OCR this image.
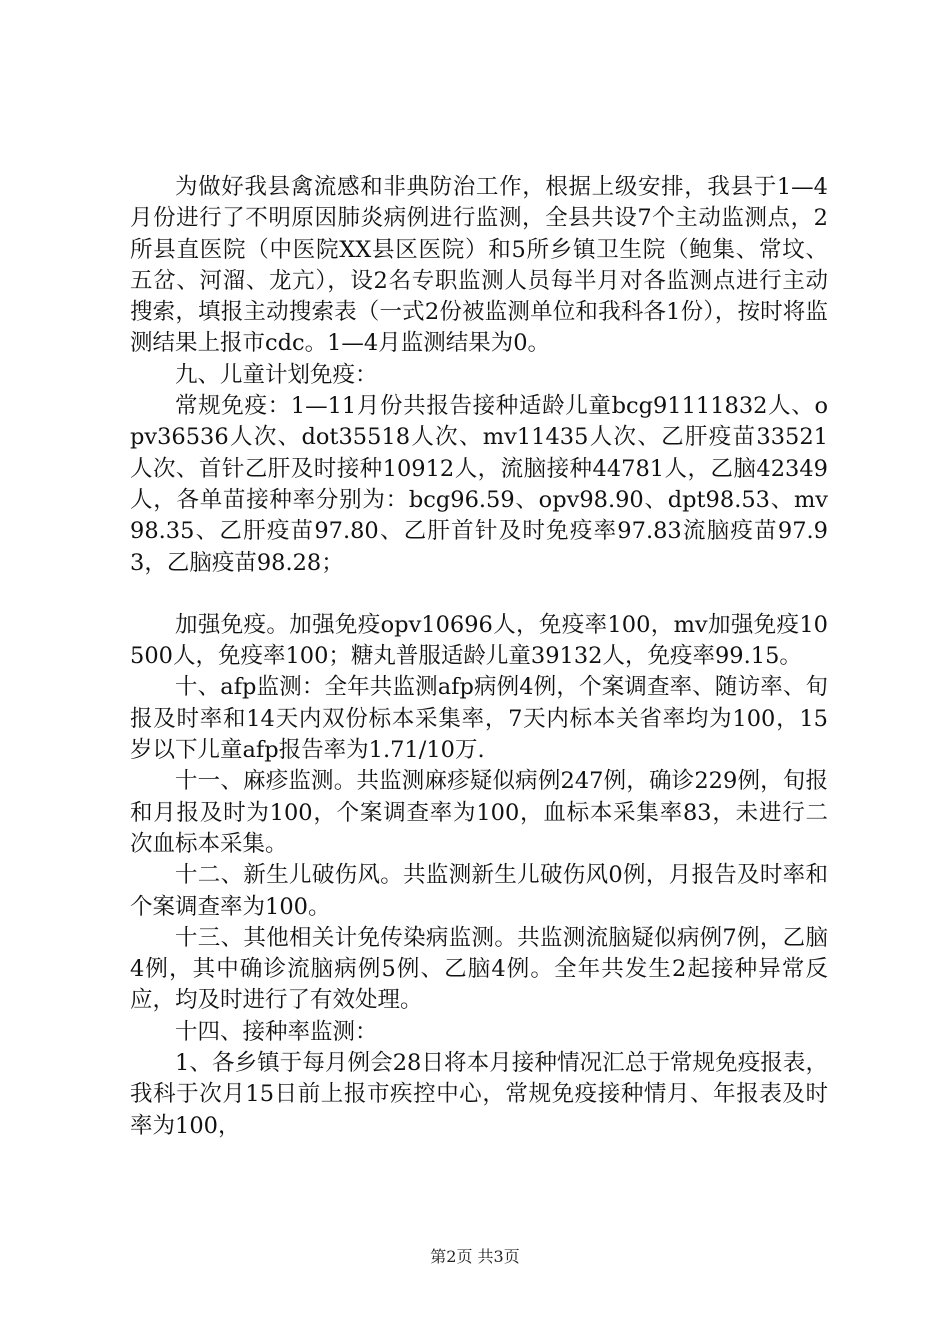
为做好我县禽流感和非典防治工作，根据上级安排，我县于1—4月份进行了不明原因肺炎病例进行监测，全县共设7个主动监测点，2所县直医院（中医院XX县区医院）和5所乡镇卫生院（鲍集、常坟、五岔、河溜、龙亢），设2名专职监测人员每半月对各监测点进行主动搜索，填报主动搜索表（一式2份被监测单位和我科各1份），按时将监测结果上报市cdc。1—4月监测结果为0。

九、儿童计划免疫：

常规免疫：1—11月份共报告接种适龄儿童bcg91111832人、opv36536人次、dot35518人次、mv11435人次、乙肝疫苗33521人次、首针乙肝及时接种10912人，流脑接种44781人，乙脑42349人，各单苗接种率分别为：bcg96.59、opv98.90、dpt98.53、mv98.35、乙肝疫苗97.80、乙肝首针及时免疫率97.83流脑疫苗97.93，乙脑疫苗98.28；

加强免疫。加强免疫opv10696人，免疫率100，mv加强免疫10500人，免疫率100；糖丸普服适龄儿童39132人，免疫率99.15。

十、afp监测：全年共监测afp病例4例，个案调查率、随访率、旬报及时率和14天内双份标本采集率，7天内标本关省率均为100，15岁以下儿童afp报告率为1.71/10万.

十一、麻疹监测。共监测麻疹疑似病例247例，确诊229例，旬报和月报及时为100，个案调查率为100，血标本采集率83，未进行二次血标本采集。

十二、新生儿破伤风。共监测新生儿破伤风0例，月报告及时率和个案调查率为100。

十三、其他相关计免传染病监测。共监测流脑疑似病例7例，乙脑4例，其中确诊流脑病例5例、乙脑4例。全年共发生2起接种异常反应，均及时进行了有效处理。

十四、接种率监测：

1、各乡镇于每月例会28日将本月接种情况汇总于常规免疫报表，我科于次月15日前上报市疾控中心，常规免疫接种情月、年报表及时率为100，

第2页 共3页
